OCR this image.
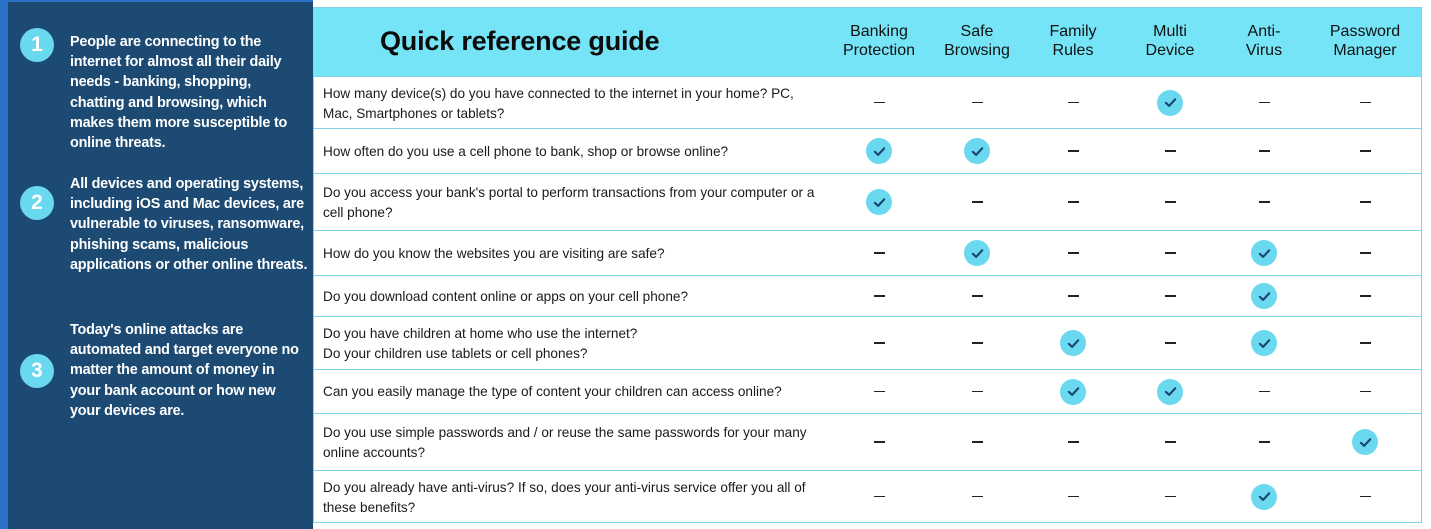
1	People are connecting to the internet for almost all their daily needs - banking, shopping, chatting and browsing, which makes them more susceptible to online threats.
2
All devices and operating systems, including iOS and Mac devices, are vulnerable to viruses, ransomware, phishing scams, malicious applications or other online threats.
3
Today's online attacks are automated and target everyone no matter the amount of money in your bank account or how new your devices are.
Quick reference guide	Banking
Protection
Safe
Browsing
Family
Rules
Multi
Device
Anti-
Virus
Password
Manager
How many device(s) do you have connected to the internet in your home? PC, Mac, Smartphones or tablets?
How often do you use a cell phone to bank, shop or browse online?
Do you access your bank's portal to perform transactions from your computer or a cell phone?
How do you know the websites you are visiting are safe?
Do you download content online or apps on your cell phone?
Do you have children at home who use the internet?
Do your children use tablets or cell phones?
Can you easily manage the type of content your children can access online?
Do you use simple passwords and / or reuse the same passwords for your many online accounts?
Do you already have anti-virus? If so, does your anti-virus service offer you all of these benefits?
